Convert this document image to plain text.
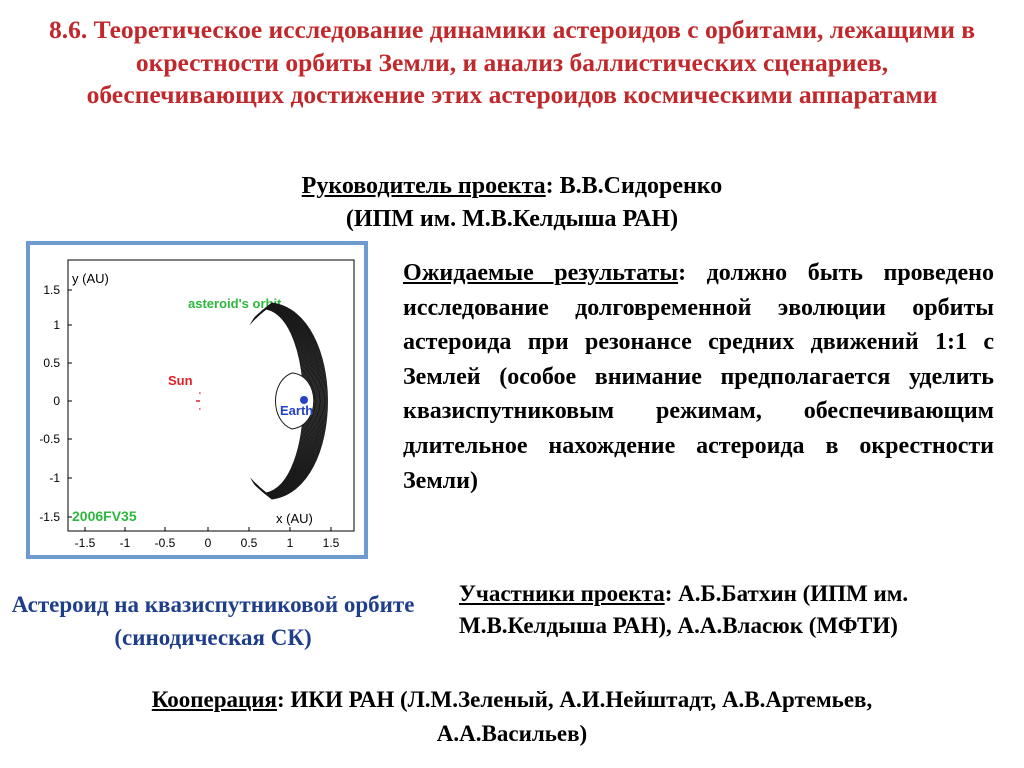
8.6. Теоретическое исследование динамики астероидов с орбитами, лежащими в окрестности орбиты Земли, и анализ баллистических сценариев, обеспечивающих достижение этих астероидов космическими аппаратами
Руководитель проекта: В.В.Сидоренко
(ИПМ им. М.В.Келдыша РАН)
1.5
1
0.5
0
-0.5
-1
-1.5
-1.5 -1 -0.5 0 0.5 1 1.5
y (AU)
x (AU)
asteroid's orbit
Sun
2006FV35
Earth
Астероид на квазиспутниковой орбите (синодическая СК)

Ожидаемые результаты: должно быть проведено исследование долговременной эволюции орбиты астероида при резонансе средних движений 1:1 с Землей (особое внимание предполагается уделить квазиспутниковым режимам, обеспечивающим длительное нахождение астероида в окрестности Земли)

Участники проекта: А.Б.Батхин (ИПМ им. М.В.Келдыша РАН), А.А.Власюк (МФТИ)

Кооперация: ИКИ РАН (Л.М.Зеленый, А.И.Нейштадт, А.В.Артемьев,
А.А.Васильев)
